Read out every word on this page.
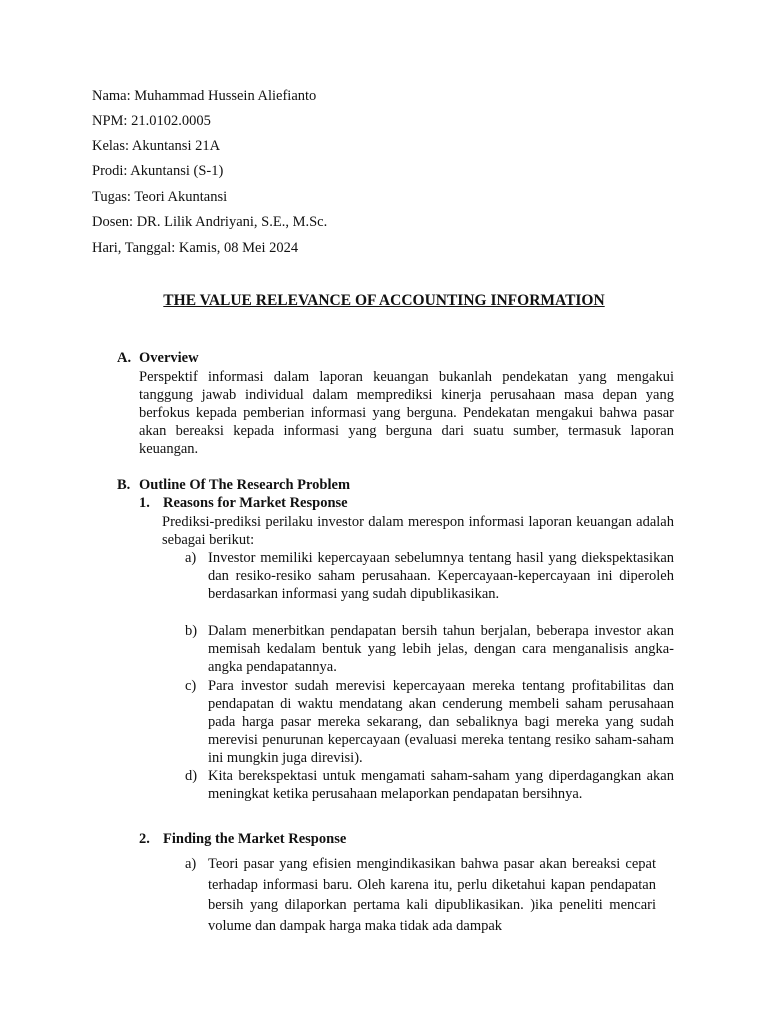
Nama: Muhammad Hussein Aliefianto
NPM: 21.0102.0005
Kelas: Akuntansi 21A
Prodi: Akuntansi (S-1)
Tugas: Teori Akuntansi
Dosen: DR. Lilik Andriyani, S.E., M.Sc.
Hari, Tanggal: Kamis, 08 Mei 2024
THE VALUE RELEVANCE OF ACCOUNTING INFORMATION
A. Overview

Perspektif informasi dalam laporan keuangan bukanlah pendekatan yang mengakui tanggung jawab individual dalam memprediksi kinerja perusahaan masa depan yang berfokus kepada pemberian informasi yang berguna. Pendekatan mengakui bahwa pasar akan bereaksi kepada informasi yang berguna dari suatu sumber, termasuk laporan keuangan.

B. Outline Of The Research Problem
1. Reasons for Market Response

Prediksi-prediksi perilaku investor dalam merespon informasi laporan keuangan adalah sebagai berikut:

a) Investor memiliki kepercayaan sebelumnya tentang hasil yang diekspektasikan dan resiko-resiko saham perusahaan. Kepercayaan-kepercayaan ini diperoleh berdasarkan informasi yang sudah dipublikasikan.

b) Dalam menerbitkan pendapatan bersih tahun berjalan, beberapa investor akan memisah kedalam bentuk yang lebih jelas, dengan cara menganalisis angka-angka pendapatannya.

c) Para investor sudah merevisi kepercayaan mereka tentang profitabilitas dan pendapatan di waktu mendatang akan cenderung membeli saham perusahaan pada harga pasar mereka sekarang, dan sebaliknya bagi mereka yang sudah merevisi penurunan kepercayaan (evaluasi mereka tentang resiko saham-saham ini mungkin juga direvisi).

d) Kita berekspektasi untuk mengamati saham-saham yang diperdagangkan akan meningkat ketika perusahaan melaporkan pendapatan bersihnya.

2. Finding the Market Response
a) Teori pasar yang efisien mengindikasikan bahwa pasar akan bereaksi cepat terhadap informasi baru. Oleh karena itu, perlu diketahui kapan pendapatan bersih yang dilaporkan pertama kali dipublikasikan. )ika peneliti mencari volume dan dampak harga maka tidak ada dampak
